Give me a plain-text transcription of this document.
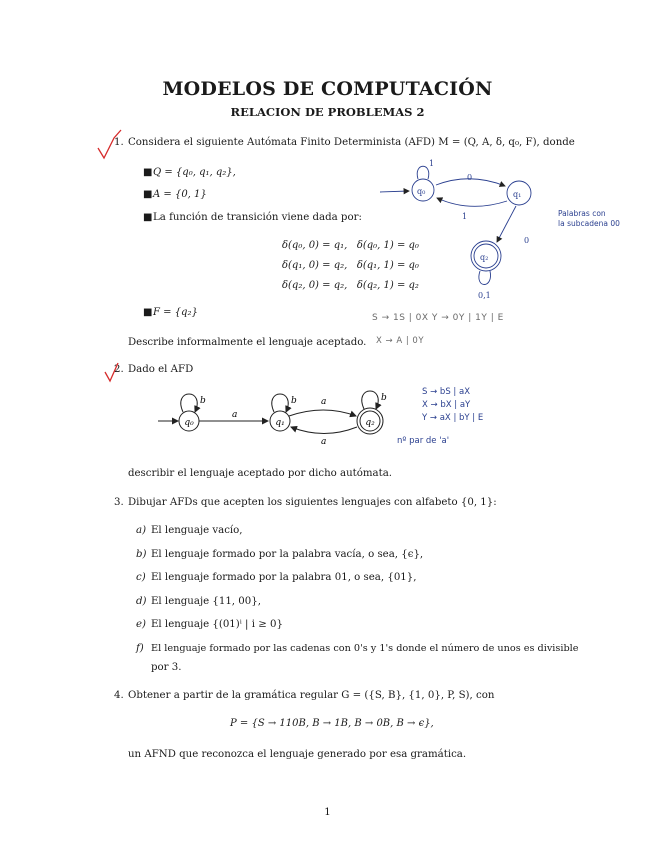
MODELOS DE COMPUTACIÓN
RELACION DE PROBLEMAS 2
1. Considera el siguiente Autómata Finito Determinista (AFD) M = (Q, A, δ, q₀, F), donde
■ Q = {q₀, q₁, q₂},
■ A = {0, 1}
■ La función de transición viene dada por:
δ(q₀, 0) = q₁,   δ(q₀, 1) = q₀
δ(q₁, 0) = q₂,   δ(q₁, 1) = q₀
δ(q₂, 0) = q₂,   δ(q₂, 1) = q₂
■ F = {q₂}
Describe informalmente el lenguaje aceptado.
2. Dado el AFD
q₀	q₁	q₂
b	b	b
a
a
a
1
0
q₀	q₁
1
q₂
0
0,1
Palabras con
la subcadena 00
S → 1S | 0X Y → 0Y | 1Y | E
X → A | 0Y
S → bS | aX
X → bX | aY
Y → aX | bY | E
nº par de 'a'
describir el lenguaje aceptado por dicho autómata.
3. Dibujar AFDs que acepten los siguientes lenguajes con alfabeto {0, 1}:
a) El lenguaje vacío,
b) El lenguaje formado por la palabra vacía, o sea, {ϵ},
c) El lenguaje formado por la palabra 01, o sea, {01},
d) El lenguaje {11, 00},
e) El lenguaje {(01)ⁱ | i ≥ 0}
f) El lenguaje formado por las cadenas con 0's y 1's donde el número de unos es divisible
por 3.
4. Obtener a partir de la gramática regular G = ({S, B}, {1, 0}, P, S), con
P = {S → 110B, B → 1B, B → 0B, B → ϵ},
un AFND que reconozca el lenguaje generado por esa gramática.
1
